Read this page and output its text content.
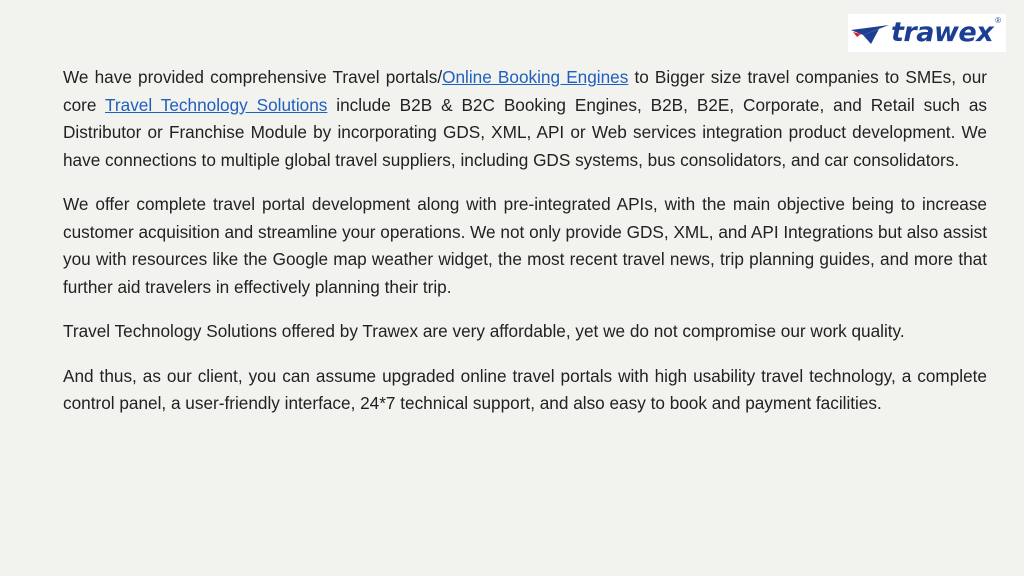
trawex ®

We have provided comprehensive Travel portals/Online Booking Engines to Bigger size travel companies to SMEs, our core Travel Technology Solutions include B2B & B2C Booking Engines, B2B, B2E, Corporate, and Retail such as Distributor or Franchise Module by incorporating GDS, XML, API or Web services integration product development. We have connections to multiple global travel suppliers, including GDS systems, bus consolidators, and car consolidators.

We offer complete travel portal development along with pre-integrated APIs, with the main objective being to increase customer acquisition and streamline your operations. We not only provide GDS, XML, and API Integrations but also assist you with resources like the Google map weather widget, the most recent travel news, trip planning guides, and more that further aid travelers in effectively planning their trip.

Travel Technology Solutions offered by Trawex are very affordable, yet we do not compromise our work quality.

And thus, as our client, you can assume upgraded online travel portals with high usability travel technology, a complete control panel, a user-friendly interface, 24*7 technical support, and also easy to book and payment facilities.
